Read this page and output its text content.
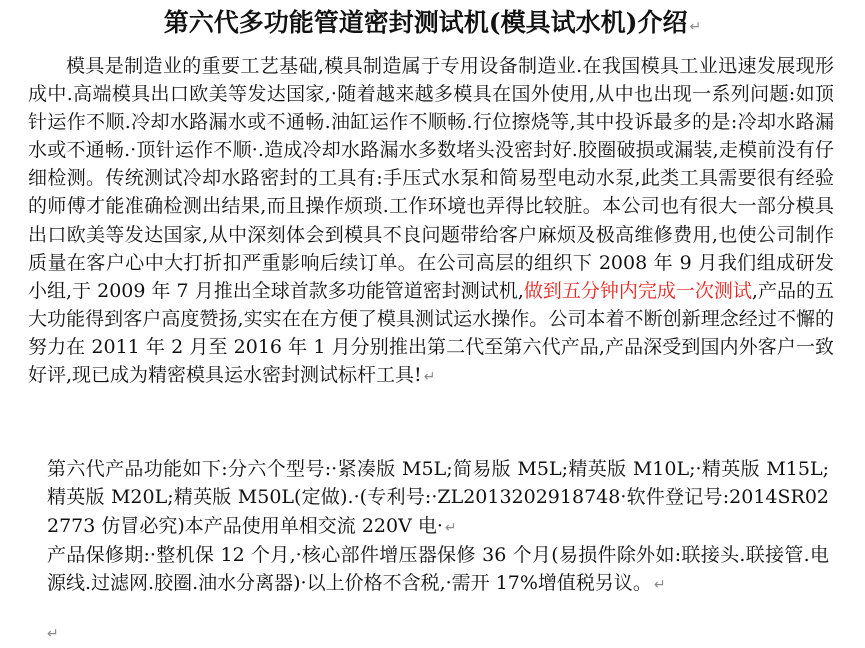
第六代多功能管道密封测试机(模具试水机)介绍 ↵
模具是制造业的重要工艺基础,模具制造属于专用设备制造业.在我国模具工业迅速发展现形成中.高端模具出口欧美等发达国家,·随着越来越多模具在国外使用,从中也出现一系列问题:如顶针运作不顺.冷却水路漏水或不通畅.油缸运作不顺畅.行位擦烧等,其中投诉最多的是:冷却水路漏水或不通畅.·顶针运作不顺·.造成冷却水路漏水多数堵头没密封好.胶圈破损或漏装,走模前没有仔细检测。传统测试冷却水路密封的工具有:手压式水泵和简易型电动水泵,此类工具需要很有经验的师傅才能准确检测出结果,而且操作烦琐.工作环境也弄得比较脏。本公司也有很大一部分模具出口欧美等发达国家,从中深刻体会到模具不良问题带给客户麻烦及极高维修费用,也使公司制作质量在客户心中大打折扣严重影响后续订单。在公司高层的组织下 2008 年 9 月我们组成研发小组,于 2009 年 7 月推出全球首款多功能管道密封测试机,做到五分钟内完成一次测试,产品的五大功能得到客户高度赞扬,实实在在方便了模具测试运水操作。公司本着不断创新理念经过不懈的努力在 2011 年 2 月至 2016 年 1 月分别推出第二代至第六代产品,产品深受到国内外客户一致好评,现已成为精密模具运水密封测试标杆工具! ↵
第六代产品功能如下:分六个型号:·紧凑版 M5L;简易版 M5L;精英版 M10L;·精英版 M15L;精英版 M20L;精英版 M50L(定做).·(专利号:·ZL2013202918748·软件登记号:2014SR022773 仿冒必究)本产品使用单相交流 220V 电· ↵
产品保修期:·整机保 12 个月,·核心部件增压器保修 36 个月(易损件除外如:联接头.联接管.电源线.过滤网.胶圈.油水分离器)·以上价格不含税,·需开 17%增值税另议。 ↵
↵
